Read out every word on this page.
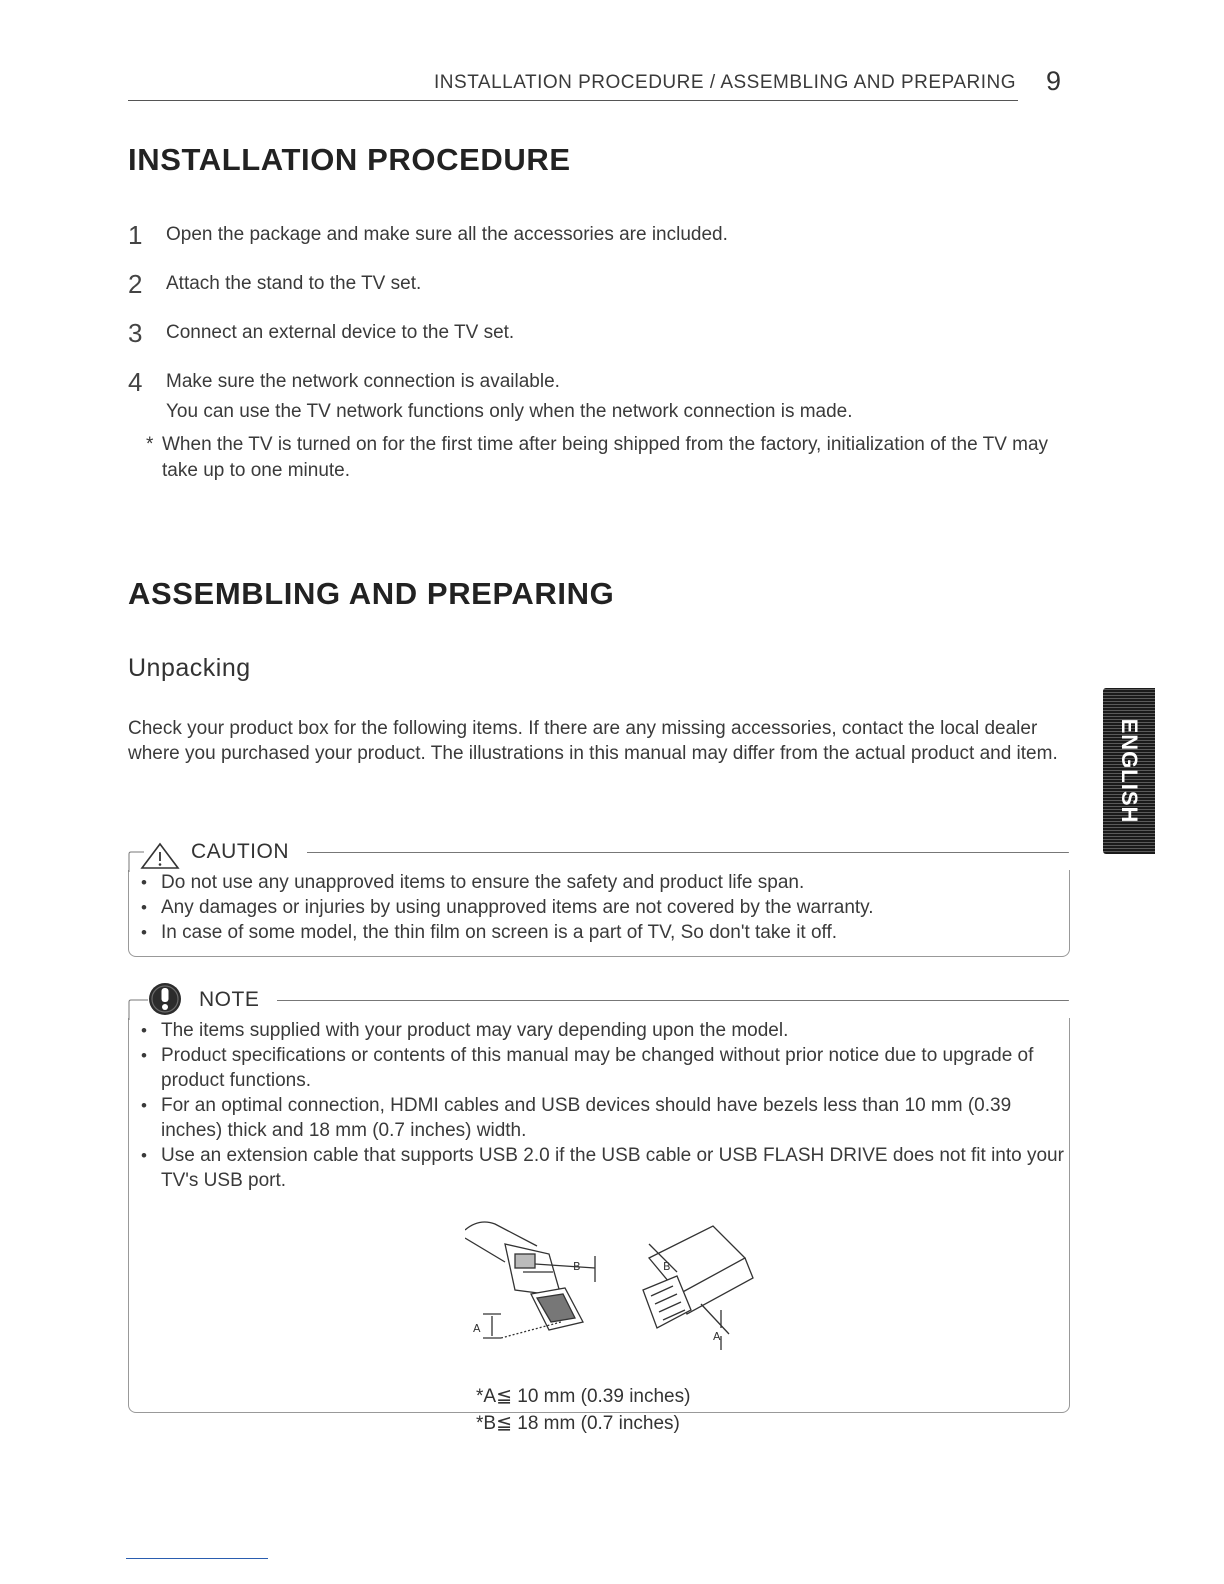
INSTALLATION PROCEDURE / ASSEMBLING AND PREPARING 9
INSTALLATION PROCEDURE
1 Open the package and make sure all the accessories are included.
2 Attach the stand to the TV set.
3 Connect an external device to the TV set.
4 Make sure the network connection is available.
You can use the TV network functions only when the network connection is made.
* When the TV is turned on for the first time after being shipped from the factory, initialization of the TV may take up to one minute.
ASSEMBLING AND PREPARING
Unpacking
Check your product box for the following items. If there are any missing accessories, contact the local dealer where you purchased your product. The illustrations in this manual may differ from the actual product and item.	ENGLISH
CAUTION
• Do not use any unapproved items to ensure the safety and product life span.
• Any damages or injuries by using unapproved items are not covered by the warranty.
• In case of some model, the thin film on screen is a part of TV, So don't take it off.
NOTE
• The items supplied with your product may vary depending upon the model.
• Product specifications or contents of this manual may be changed without prior notice due to upgrade of product functions.
• For an optimal connection, HDMI cables and USB devices should have bezels less than 10 mm (0.39 inches) thick and 18 mm (0.7 inches) width.
• Use an extension cable that supports USB 2.0 if the USB cable or USB FLASH DRIVE does not fit into your TV's USB port.
B
A
B
A
*A≦ 10 mm (0.39 inches)
*B≦ 18 mm (0.7 inches)
